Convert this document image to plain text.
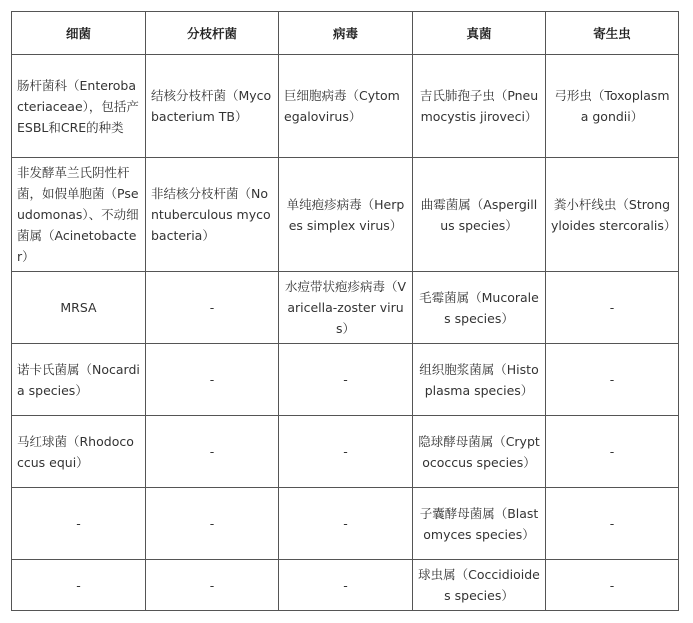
细菌	分枝杆菌	病毒	真菌	寄生虫
肠杆菌科（Enterobacteriaceae），包括产ESBL和CRE的种类	结核分枝杆菌（Mycobacterium TB）	巨细胞病毒（Cytomegalovirus）	吉氏肺孢子虫（Pneumocystis jiroveci）	弓形虫（Toxoplasma gondii）
非发酵革兰氏阴性杆菌，如假单胞菌（Pseudomonas）、不动细菌属（Acinetobacter）	非结核分枝杆菌（Nontuberculous mycobacteria）	单纯疱疹病毒（Herpes simplex virus）	曲霉菌属（Aspergillus species）	粪小杆线虫（Strongyloides stercoralis）
MRSA	-	水痘带状疱疹病毒（Varicella-zoster virus）	毛霉菌属（Mucorales species）	-
诺卡氏菌属（Nocardia species）	-	-	组织胞浆菌属（Histoplasma species）	-
马红球菌（Rhodococcus equi）	-	-	隐球酵母菌属（Cryptococcus species）	-
-	-	-	子囊酵母菌属（Blastomyces species）	-
-	-	-	球虫属（Coccidioides species）	-
